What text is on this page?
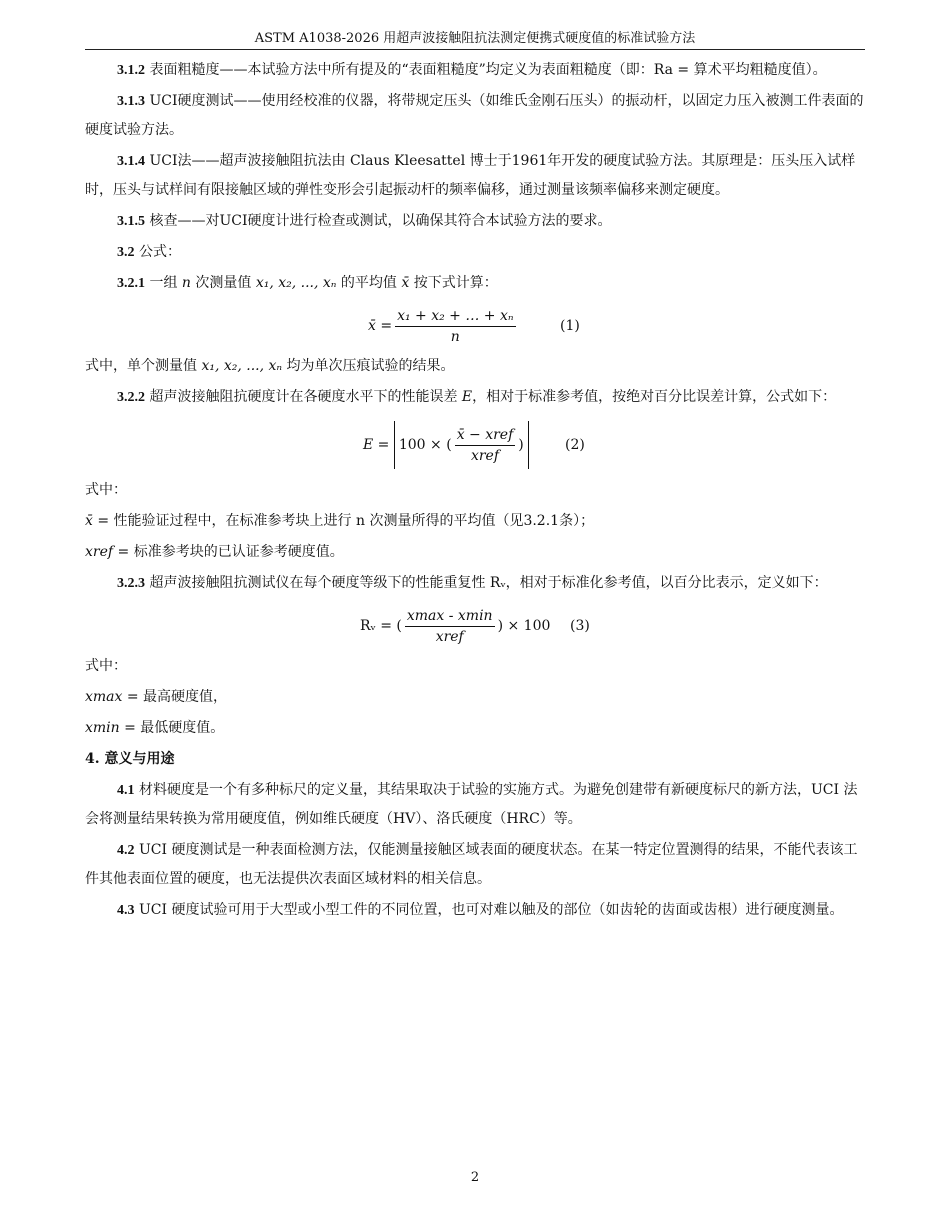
ASTM A1038-2026 用超声波接触阻抗法测定便携式硬度值的标准试验方法

3.1.2 表面粗糙度——本试验方法中所有提及的“表面粗糙度”均定义为表面粗糙度（即：Ra = 算术平均粗糙度值）。

3.1.3 UCI硬度测试——使用经校准的仪器，将带规定压头（如维氏金刚石压头）的振动杆，以固定力压入被测工件表面的硬度试验方法。

3.1.4 UCI法——超声波接触阻抗法由 Claus Kleesattel 博士于1961年开发的硬度试验方法。其原理是：压头压入试样时，压头与试样间有限接触区域的弹性变形会引起振动杆的频率偏移，通过测量该频率偏移来测定硬度。

3.1.5 核查——对UCI硬度计进行检查或测试，以确保其符合本试验方法的要求。

3.2 公式：

3.2.1 一组 n 次测量值 x₁, x₂, ..., xₙ 的平均值 x̄ 按下式计算：

x̄ = $\frac{\text{x₁ + x₂ + … + xₙ}}{n}$	(1)

式中，单个测量值 x₁, x₂, ..., xₙ 均为单次压痕试验的结果。

3.2.2 超声波接触阻抗硬度计在各硬度水平下的性能误差 E，相对于标准参考值，按绝对百分比误差计算，公式如下：

E =
100 × ( $\frac{\text{x̄ − xref}}{\text{xref}}$ )	(2)

式中：

x̄ = 性能验证过程中，在标准参考块上进行 n 次测量所得的平均值（见3.2.1条）；

xref = 标准参考块的已认证参考硬度值。

3.2.3 超声波接触阻抗测试仪在每个硬度等级下的性能重复性 Rᵥ，相对于标准化参考值，以百分比表示，定义如下：

Rᵥ = ( $\frac{xmax - xmin}{\text{xref}}$ ) × 100 (3)

式中：

xmax = 最高硬度值，

xmin = 最低硬度值。

4. 意义与用途

4.1 材料硬度是一个有多种标尺的定义量，其结果取决于试验的实施方式。为避免创建带有新硬度标尺的新方法，UCI 法会将测量结果转换为常用硬度值，例如维氏硬度（HV）、洛氏硬度（HRC）等。

4.2 UCI 硬度测试是一种表面检测方法，仅能测量接触区域表面的硬度状态。在某一特定位置测得的结果，不能代表该工件其他表面位置的硬度，也无法提供次表面区域材料的相关信息。

4.3 UCI 硬度试验可用于大型或小型工件的不同位置，也可对难以触及的部位（如齿轮的齿面或齿根）进行硬度测量。

2
